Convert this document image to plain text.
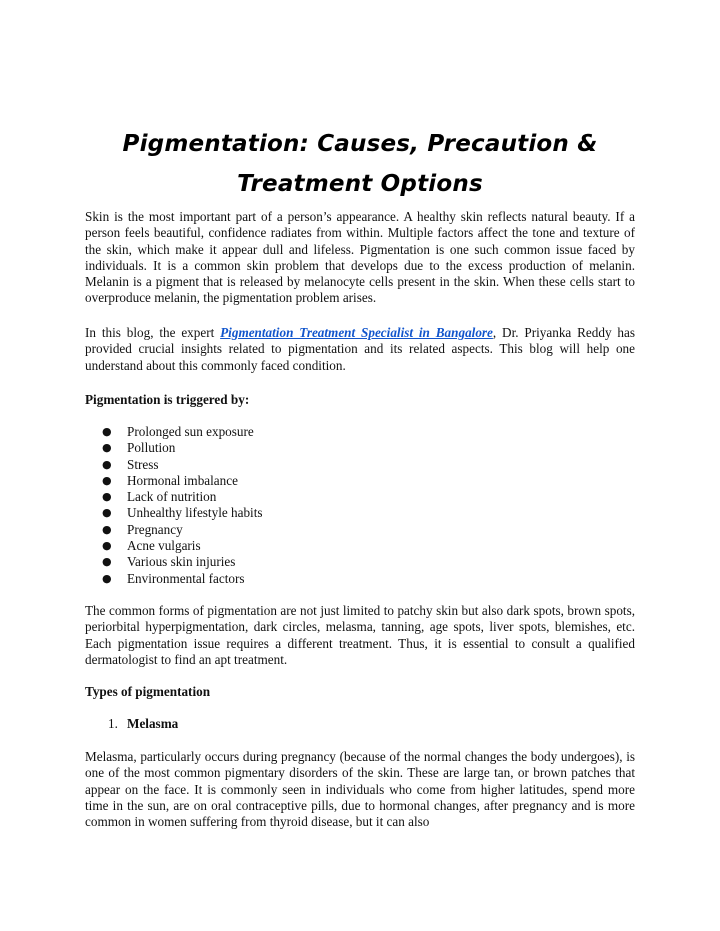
Pigmentation: Causes, Precaution & Treatment Options

Skin is the most important part of a person’s appearance. A healthy skin reflects natural beauty. If a person feels beautiful, confidence radiates from within. Multiple factors affect the tone and texture of the skin, which make it appear dull and lifeless. Pigmentation is one such common issue faced by individuals. It is a common skin problem that develops due to the excess production of melanin. Melanin is a pigment that is released by melanocyte cells present in the skin. When these cells start to overproduce melanin, the pigmentation problem arises.

In this blog, the expert Pigmentation Treatment Specialist in Bangalore, Dr. Priyanka Reddy has provided crucial insights related to pigmentation and its related aspects. This blog will help one understand about this commonly faced condition.

Pigmentation is triggered by:

● Prolonged sun exposure
● Pollution
● Stress
● Hormonal imbalance
● Lack of nutrition
● Unhealthy lifestyle habits
● Pregnancy
● Acne vulgaris
● Various skin injuries
● Environmental factors

The common forms of pigmentation are not just limited to patchy skin but also dark spots, brown spots, periorbital hyperpigmentation, dark circles, melasma, tanning, age spots, liver spots, blemishes, etc. Each pigmentation issue requires a different treatment. Thus, it is essential to consult a qualified dermatologist to find an apt treatment.

Types of pigmentation

1. Melasma

Melasma, particularly occurs during pregnancy (because of the normal changes the body undergoes), is one of the most common pigmentary disorders of the skin. These are large tan, or brown patches that appear on the face. It is commonly seen in individuals who come from higher latitudes, spend more time in the sun, are on oral contraceptive pills, due to hormonal changes, after pregnancy and is more common in women suffering from thyroid disease, but it can also
